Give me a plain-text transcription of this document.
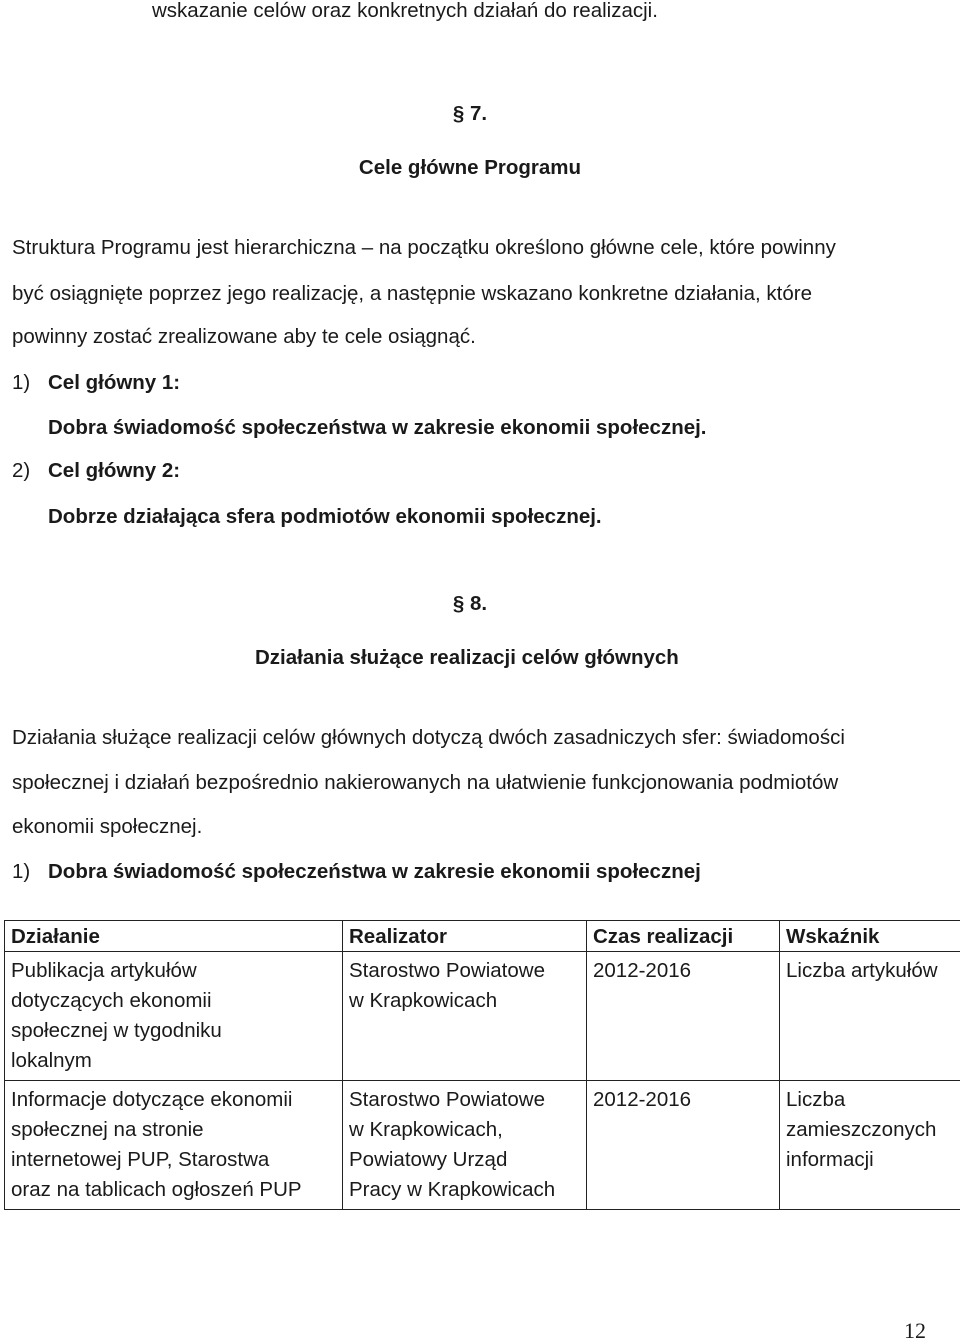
wskazanie celów oraz konkretnych działań do realizacji.
§ 7.
Cele główne Programu
Struktura Programu jest hierarchiczna – na początku określono główne cele, które powinny
być osiągnięte poprzez jego realizację, a następnie wskazano konkretne działania, które
powinny zostać zrealizowane aby te cele osiągnąć.
1) Cel główny 1:
Dobra świadomość społeczeństwa w zakresie ekonomii społecznej.
2) Cel główny 2:
Dobrze działająca sfera podmiotów ekonomii społecznej.
§ 8.
Działania służące realizacji celów głównych
Działania służące realizacji celów głównych dotyczą dwóch zasadniczych sfer: świadomości
społecznej i działań bezpośrednio nakierowanych na ułatwienie funkcjonowania podmiotów
ekonomii społecznej.
1) Dobra świadomość społeczeństwa w zakresie ekonomii społecznej
Działanie	Realizator	Czas realizacji	Wskaźnik

Publikacja artykułów
dotyczących ekonomii
społecznej w tygodniku
lokalnym	Starostwo Powiatowe
w Krapkowicach	2012-2016	Liczba artykułów

Informacje dotyczące ekonomii
społecznej na stronie
internetowej PUP, Starostwa
oraz na tablicach ogłoszeń PUP	Starostwo Powiatowe
w Krapkowicach,
Powiatowy Urząd
Pracy w Krapkowicach	2012-2016	Liczba
zamieszczonych
informacji
12
